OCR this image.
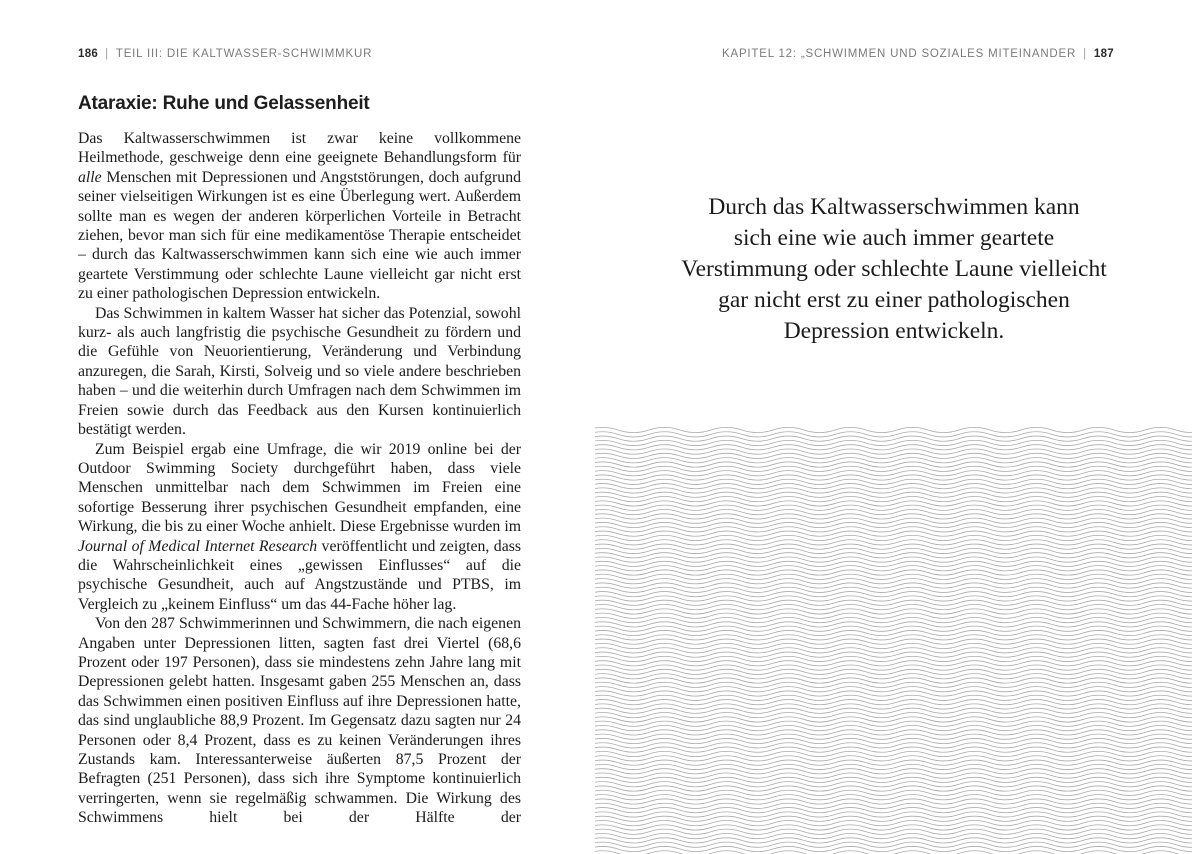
186 | TEIL III: DIE KALTWASSER-SCHWIMMKUR
Ataraxie: Ruhe und Gelassenheit

Das Kaltwasserschwimmen ist zwar keine vollkommene Heilmethode, geschweige denn eine geeignete Behandlungsform für alle Menschen mit Depressionen und Angststörungen, doch aufgrund seiner vielseitigen Wirkungen ist es eine Überlegung wert. Außerdem sollte man es wegen der anderen körperlichen Vorteile in Betracht ziehen, bevor man sich für eine medikamentöse Therapie entscheidet – durch das Kaltwasserschwimmen kann sich eine wie auch immer geartete Verstimmung oder schlechte Laune vielleicht gar nicht erst zu einer pathologischen Depression entwickeln.

Das Schwimmen in kaltem Wasser hat sicher das Potenzial, sowohl kurz- als auch langfristig die psychische Gesundheit zu fördern und die Gefühle von Neuorientierung, Veränderung und Verbindung anzuregen, die Sarah, Kirsti, Solveig und so viele andere beschrieben haben – und die weiterhin durch Umfragen nach dem Schwimmen im Freien sowie durch das Feedback aus den Kursen kontinuierlich bestätigt werden.

Zum Beispiel ergab eine Umfrage, die wir 2019 online bei der Outdoor Swimming Society durchgeführt haben, dass viele Menschen unmittelbar nach dem Schwimmen im Freien eine sofortige Besserung ihrer psychischen Gesundheit empfanden, eine Wirkung, die bis zu einer Woche anhielt. Diese Ergebnisse wurden im Journal of Medical Internet Research veröffentlicht und zeigten, dass die Wahrscheinlichkeit eines „gewissen Einflusses“ auf die psychische Gesundheit, auch auf Angstzustände und PTBS, im Vergleich zu „keinem Einfluss“ um das 44-Fache höher lag.

Von den 287 Schwimmerinnen und Schwimmern, die nach eigenen Angaben unter Depressionen litten, sagten fast drei Viertel (68,6 Prozent oder 197 Personen), dass sie mindestens zehn Jahre lang mit Depressionen gelebt hatten. Insgesamt gaben 255 Menschen an, dass das Schwimmen einen positiven Einfluss auf ihre Depressionen hatte, das sind unglaubliche 88,9 Prozent. Im Gegensatz dazu sagten nur 24 Personen oder 8,4 Prozent, dass es zu keinen Veränderungen ihres Zustands kam. Interessanterweise äußerten 87,5 Prozent der Befragten (251 Personen), dass sich ihre Symptome kontinuierlich verringerten, wenn sie regelmäßig schwammen. Die Wirkung des Schwimmens hielt bei der Hälfte der

KAPITEL 12: „SCHWIMMEN UND SOZIALES MITEINANDER | 187
Durch das Kaltwasserschwimmen kann
sich eine wie auch immer geartete
Verstimmung oder schlechte Laune vielleicht
gar nicht erst zu einer pathologischen
Depression entwickeln.
